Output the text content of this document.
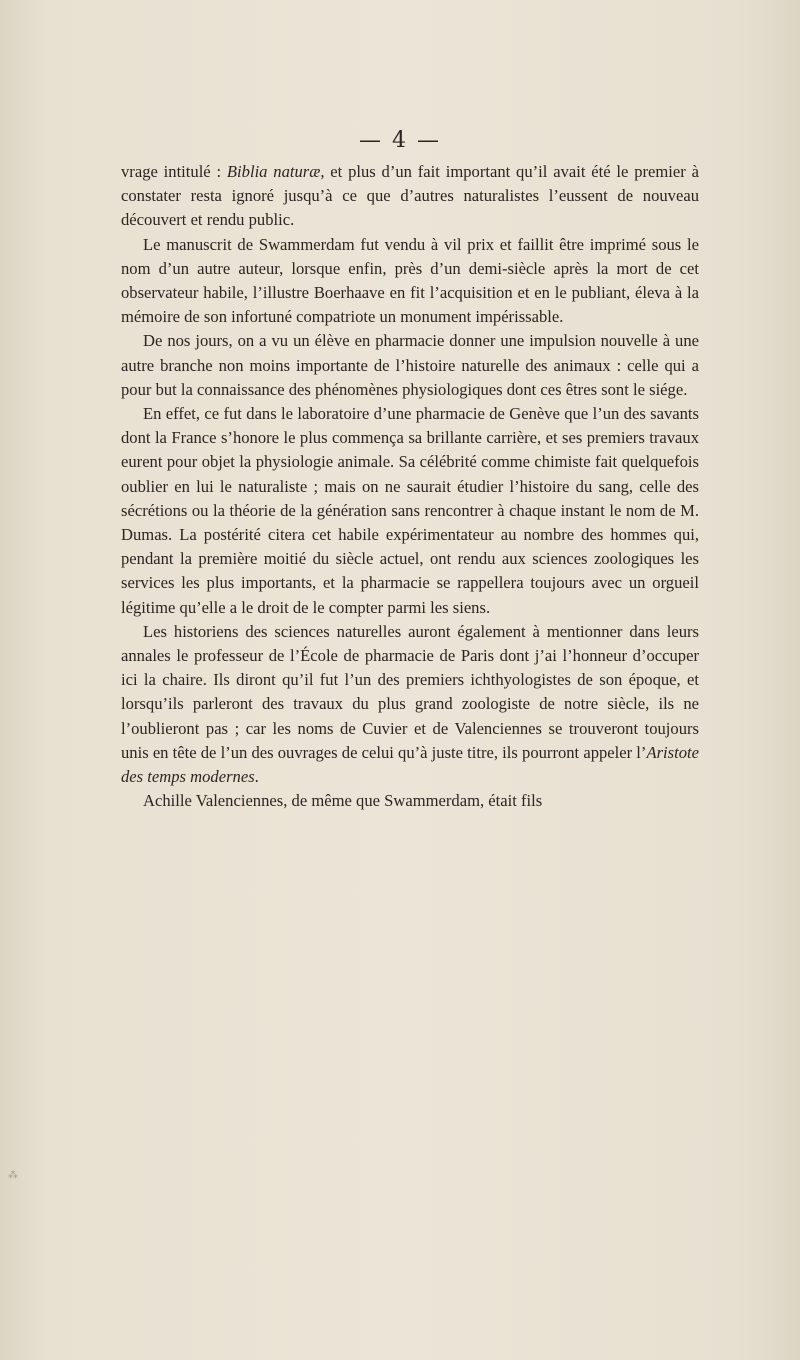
— 4 —

vrage intitulé : Biblia naturæ, et plus d’un fait important qu’il avait été le premier à constater resta ignoré jusqu’à ce que d’autres naturalistes l’eussent de nouveau découvert et rendu public.

Le manuscrit de Swammerdam fut vendu à vil prix et faillit être imprimé sous le nom d’un autre auteur, lorsque enfin, près d’un demi-siècle après la mort de cet observateur habile, l’illustre Boerhaave en fit l’acquisition et en le publiant, éleva à la mémoire de son infortuné compatriote un monument impérissable.

De nos jours, on a vu un élève en pharmacie donner une impulsion nouvelle à une autre branche non moins importante de l’histoire naturelle des animaux : celle qui a pour but la connaissance des phénomènes physiologiques dont ces êtres sont le siége.

En effet, ce fut dans le laboratoire d’une pharmacie de Genève que l’un des savants dont la France s’honore le plus commença sa brillante carrière, et ses premiers travaux eurent pour objet la physiologie animale. Sa célébrité comme chimiste fait quelquefois oublier en lui le naturaliste ; mais on ne saurait étudier l’histoire du sang, celle des sécrétions ou la théorie de la génération sans rencontrer à chaque instant le nom de M. Dumas. La postérité citera cet habile expérimentateur au nombre des hommes qui, pendant la première moitié du siècle actuel, ont rendu aux sciences zoologiques les services les plus importants, et la pharmacie se rappellera toujours avec un orgueil légitime qu’elle a le droit de le compter parmi les siens.

Les historiens des sciences naturelles auront également à mentionner dans leurs annales le professeur de l’École de pharmacie de Paris dont j’ai l’honneur d’occuper ici la chaire. Ils diront qu’il fut l’un des premiers ichthyologistes de son époque, et lorsqu’ils parleront des travaux du plus grand zoologiste de notre siècle, ils ne l’oublieront pas ; car les noms de Cuvier et de Valenciennes se trouveront toujours unis en tête de l’un des ouvrages de celui qu’à juste titre, ils pourront appeler l’Aristote des temps modernes.

Achille Valenciennes, de même que Swammerdam, était fils

⁂
